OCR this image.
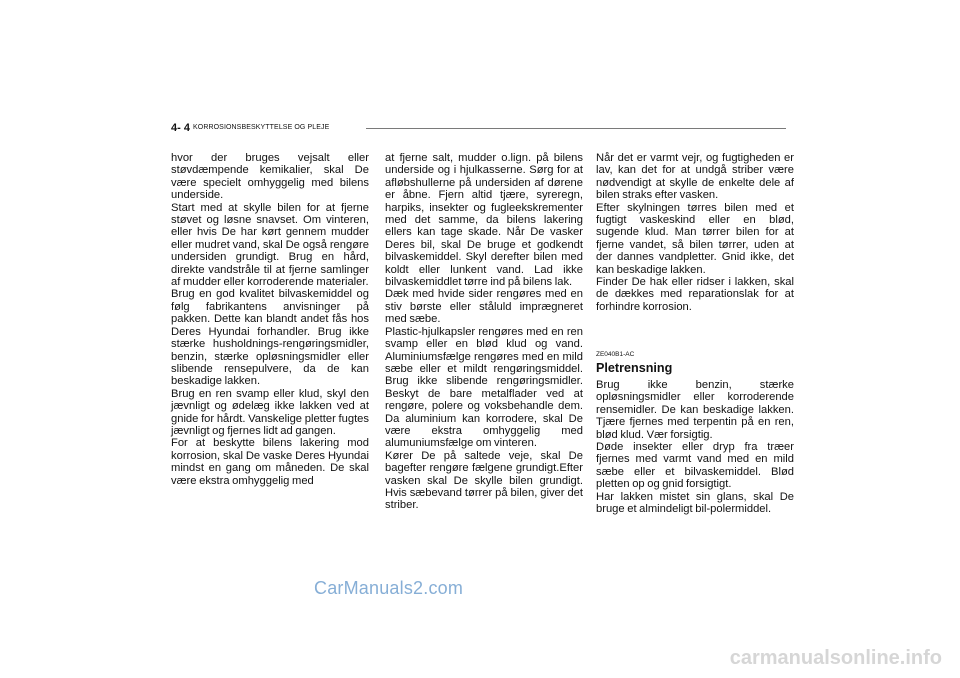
4- 4 KORROSIONSBESKYTTELSE OG PLEJE
hvor der bruges vejsalt eller støvdæmpende kemikalier, skal De være specielt omhyggelig med bilens underside.
Start med at skylle bilen for at fjerne støvet og løsne snavset. Om vinteren, eller hvis De har kørt gennem mudder eller mudret vand, skal De også rengøre undersiden grundigt. Brug en hård, direkte vandstråle til at fjerne samlinger af mudder eller korroderende materialer.
Brug en god kvalitet bilvaskemiddel og følg fabrikantens anvisninger på pakken. Dette kan blandt andet fås hos Deres Hyundai forhandler. Brug ikke stærke husholdnings-rengøringsmidler, benzin, stærke opløsningsmidler eller slibende rensepulvere, da de kan beskadige lakken.
Brug en ren svamp eller klud, skyl den jævnligt og ødelæg ikke lakken ved at gnide for hårdt. Vanskelige pletter fugtes jævnligt og fjernes lidt ad gangen.
For at beskytte bilens lakering mod korrosion, skal De vaske Deres Hyundai mindst en gang om måneden. De skal være ekstra omhyggelig med
at fjerne salt, mudder o.lign. på bilens underside og i hjulkasserne. Sørg for at afløbshullerne på undersiden af dørene er åbne. Fjern altid tjære, syreregn, harpiks, insekter og fugleekskrementer med det samme, da bilens lakering ellers kan tage skade. Når De vasker Deres bil, skal De bruge et godkendt bilvaskemiddel. Skyl derefter bilen med koldt eller lunkent vand. Lad ikke bilvaskemiddlet tørre ind på bilens lak.
Dæk med hvide sider rengøres med en stiv børste eller ståluld imprægneret med sæbe.
Plastic-hjulkapsler rengøres med en ren svamp eller en blød klud og vand. Aluminiumsfælge rengøres med en mild sæbe eller et mildt rengøringsmiddel. Brug ikke slibende rengøringsmidler. Beskyt de bare metalflader ved at rengøre, polere og voksbehandle dem. Da aluminium kan korrodere, skal De være ekstra omhyggelig med alumuniumsfælge om vinteren.
Kører De på saltede veje, skal De bagefter rengøre fælgene grundigt.Efter vasken skal De skylle bilen grundigt. Hvis sæbevand tørrer på bilen, giver det striber.
Når det er varmt vejr, og fugtigheden er lav, kan det for at undgå striber være nødvendigt at skylle de enkelte dele af bilen straks efter vasken.
Efter skylningen tørres bilen med et fugtigt vaskeskind eller en blød, sugende klud. Man tørrer bilen for at fjerne vandet, så bilen tørrer, uden at der dannes vandpletter. Gnid ikke, det kan beskadige lakken.
Finder De hak eller ridser i lakken, skal de dækkes med reparationslak for at forhindre korrosion.
ZE040B1-AC
Pletrensning
Brug ikke benzin, stærke opløsningsmidler eller korroderende rensemidler. De kan beskadige lakken. Tjære fjernes med terpentin på en ren, blød klud. Vær forsigtig.
Døde insekter eller dryp fra træer fjernes med varmt vand med en mild sæbe eller et bilvaskemiddel. Blød pletten op og gnid forsigtigt.
Har lakken mistet sin glans, skal De bruge et almindeligt bil-polermiddel.
CarManuals2.com
carmanualsonline.info
